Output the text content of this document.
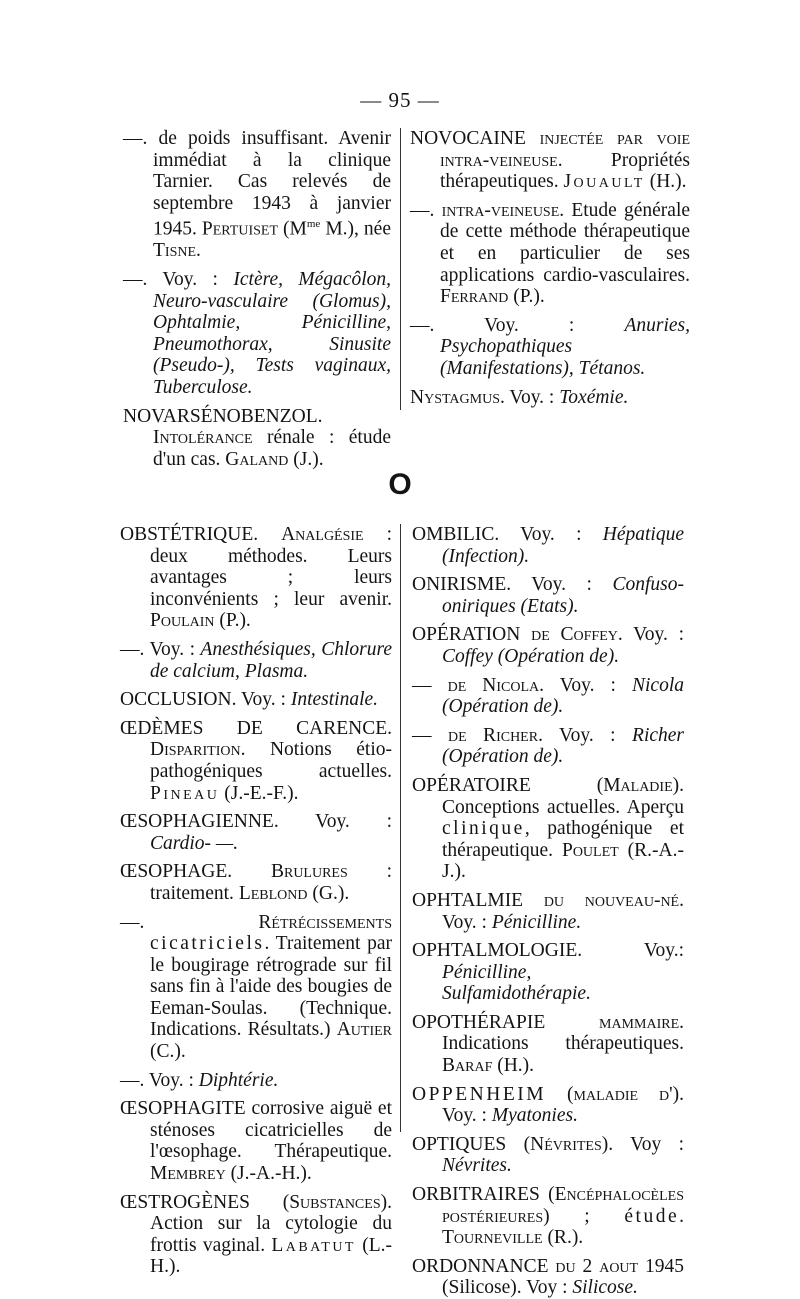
— 95 —

—. de poids insuffisant. Avenir immédiat à la clinique Tarnier. Cas relevés de septembre 1943 à janvier 1945. Pertuiset ($M^{me}$ M.), née Tisne.

—. Voy. : Ictère, Mégacôlon, Neuro-vasculaire (Glomus), Ophtalmie, Pénicilline, Pneumothorax, Sinusite (Pseudo-), Tests vaginaux, Tuberculose.

NOVARSÉNOBENZOL. Intolérance rénale : étude d'un cas. Galand (J.).

NOVOCAINE injectée par voie intra-veineuse. Propriétés thérapeutiques. Jouault (H.).

—. intra-veineuse. Etude générale de cette méthode thérapeutique et en particulier de ses applications cardio-vasculaires. Ferrand (P.).

—. Voy. : Anuries, Psychopathiques (Manifestations), Tétanos.

Nystagmus. Voy. : Toxémie.

O

OBSTÉTRIQUE. Analgésie : deux méthodes. Leurs avantages ; leurs inconvénients ; leur avenir. Poulain (P.).

—. Voy. : Anesthésiques, Chlorure de calcium, Plasma.

OCCLUSION. Voy. : Intestinale.

ŒDÈMES DE CARENCE. Disparition. Notions étio-pathogéniques actuelles. Pineau (J.-E.-F.).

ŒSOPHAGIENNE. Voy. : Cardio- —.

ŒSOPHAGE. Brulures : traitement. Leblond (G.).

—. Rétrécissements cicatriciels. Traitement par le bougirage rétrograde sur fil sans fin à l'aide des bougies de Eeman-Soulas. (Technique. Indications. Résultats.) Autier (C.).

—. Voy. : Diphtérie.

ŒSOPHAGITE corrosive aiguë et sténoses cicatricielles de l'œsophage. Thérapeutique. Membrey (J.-A.-H.).

ŒSTROGÈNES (Substances). Action sur la cytologie du frottis vaginal. Labatut (L.-H.).

OMBILIC. Voy. : Hépatique (Infection).

ONIRISME. Voy. : Confuso-oniriques (Etats).

OPÉRATION de Coffey. Voy. : Coffey (Opération de).

— de Nicola. Voy. : Nicola (Opération de).

— de Richer. Voy. : Richer (Opération de).

OPÉRATOIRE (Maladie). Conceptions actuelles. Aperçu clinique, pathogénique et thérapeutique. Poulet (R.-A.-J.).

OPHTALMIE du nouveau-né. Voy. : Pénicilline.

OPHTALMOLOGIE. Voy.: Pénicilline, Sulfamidothérapie.

OPOTHÉRAPIE mammaire. Indications thérapeutiques. Baraf (H.).

OPPENHEIM (maladie d'). Voy. : Myatonies.

OPTIQUES (Névrites). Voy : Névrites.

ORBITRAIRES (Encéphalocèles postérieures) ; étude. Tourneville (R.).

ORDONNANCE du 2 aout 1945 (Silicose). Voy : Silicose.
